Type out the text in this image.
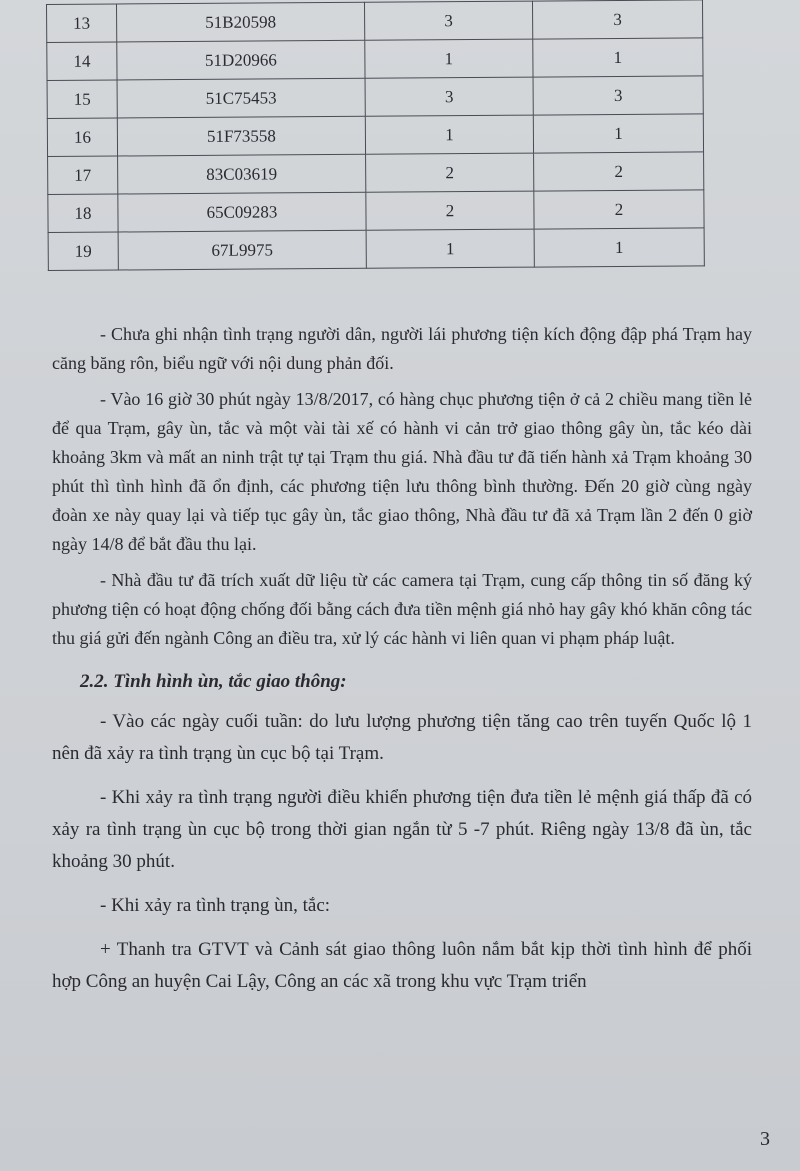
13	51B20598	3	3
14	51D20966	1	1
15	51C75453	3	3
16	51F73558	1	1
17	83C03619	2	2
18	65C09283	2	2
19	67L9975	1	1

- Chưa ghi nhận tình trạng người dân, người lái phương tiện kích động đập phá Trạm hay căng băng rôn, biểu ngữ với nội dung phản đối.

- Vào 16 giờ 30 phút ngày 13/8/2017, có hàng chục phương tiện ở cả 2 chiều mang tiền lẻ để qua Trạm, gây ùn, tắc và một vài tài xế có hành vi cản trở giao thông gây ùn, tắc kéo dài khoảng 3km và mất an ninh trật tự tại Trạm thu giá. Nhà đầu tư đã tiến hành xả Trạm khoảng 30 phút thì tình hình đã ổn định, các phương tiện lưu thông bình thường. Đến 20 giờ cùng ngày đoàn xe này quay lại và tiếp tục gây ùn, tắc giao thông, Nhà đầu tư đã xả Trạm lần 2 đến 0 giờ ngày 14/8 để bắt đầu thu lại.

- Nhà đầu tư đã trích xuất dữ liệu từ các camera tại Trạm, cung cấp thông tin số đăng ký phương tiện có hoạt động chống đối bằng cách đưa tiền mệnh giá nhỏ hay gây khó khăn công tác thu giá gửi đến ngành Công an điều tra, xử lý các hành vi liên quan vi phạm pháp luật.

2.2. Tình hình ùn, tắc giao thông:

- Vào các ngày cuối tuần: do lưu lượng phương tiện tăng cao trên tuyến Quốc lộ 1 nên đã xảy ra tình trạng ùn cục bộ tại Trạm.

- Khi xảy ra tình trạng người điều khiển phương tiện đưa tiền lẻ mệnh giá thấp đã có xảy ra tình trạng ùn cục bộ trong thời gian ngắn từ 5 -7 phút. Riêng ngày 13/8 đã ùn, tắc khoảng 30 phút.

- Khi xảy ra tình trạng ùn, tắc:

+ Thanh tra GTVT và Cảnh sát giao thông luôn nắm bắt kịp thời tình hình để phối hợp Công an huyện Cai Lậy, Công an các xã trong khu vực Trạm triển

3
